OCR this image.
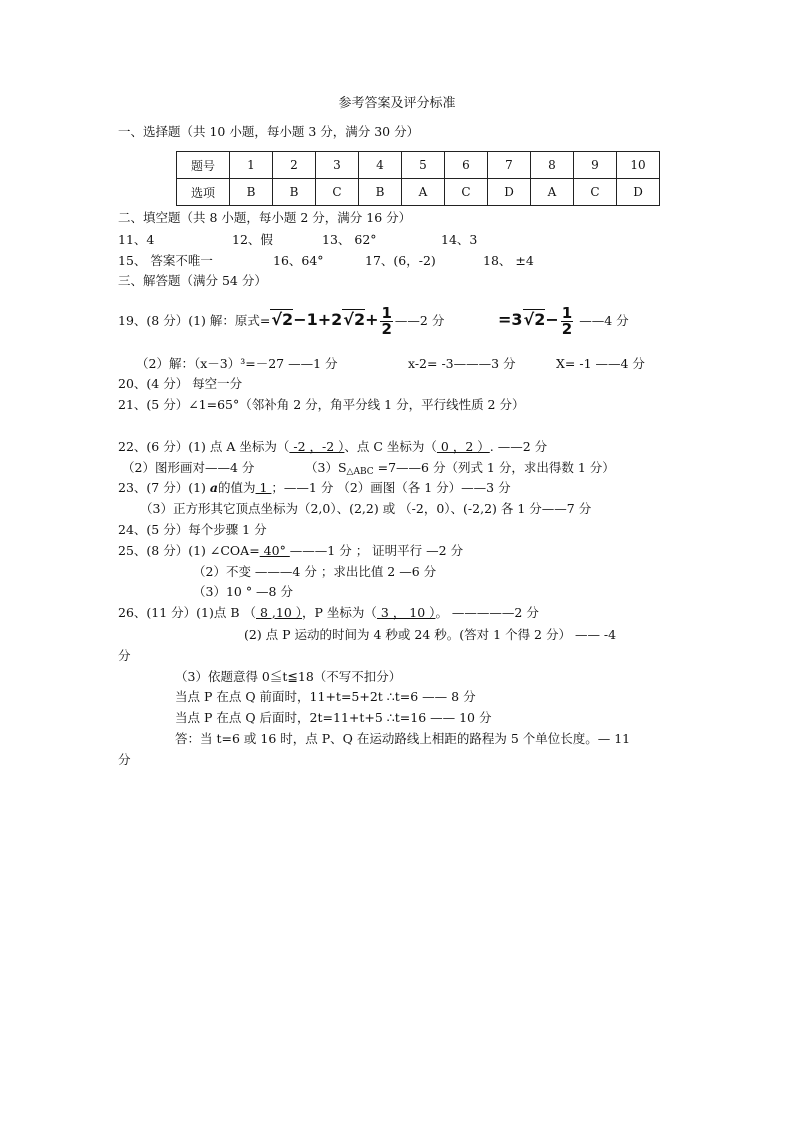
参考答案及评分标准
一、选择题（共 10 小题，每小题 3 分，满分 30 分）
题号	1	2	3	4	5	6	7	8	9	10
选项	B	B	C	B	A	C	D	A	C	D
二、填空题（共 8 小题，每小题 2 分，满分 16 分）
11、4	12、假	13、 62°	14、3
15、 答案不唯一	16、64°	17、(6，-2)	18、 ±4
三、解答题（满分 54 分）
19、(8 分）(1) 解：原式$=√2-1+2√2+ \frac{1}{2}$ ——2 分	$=3√2- \frac{1}{2}$ ——4 分
（2）解：（x－3）³=－27 ——1 分	x-2= -3———3 分	X= -1 ——4 分
20、(4 分） 每空一分
21、(5 分）∠1=65°（邻补角 2 分，角平分线 1 分，平行线性质 2 分）
22、(6 分）(1) 点 A 坐标为（ -2 ，-2 ）、点 C 坐标为（ 0 ，2 ）. ——2 分
（2）图形画对——4 分	$(3)S_{\triangle ABC}$ =7——6 分（列式 1 分，求出得数 1 分）
23、(7 分）(1) a的值为 1 ；——1 分 （2）画图（各 1 分）——3 分
（3）正方形其它顶点坐标为（2,0）、(2,2) 或 （-2，0）、(-2,2) 各 1 分——7 分
24、(5 分）每个步骤 1 分
25、(8 分）(1) ∠COA= 40° ———1 分 ； 证明平行 —2 分
（2）不变 ———4 分 ；求出比值 2 —6 分
（3）10 ° —8 分
26、(11 分）(1)点 B （ 8 ,10 ），P 坐标为（ 3 ， 10 ）。 —————2 分
(2) 点 P 运动的时间为 4 秒或 24 秒。(答对 1 个得 2 分） —— -4
分
（3）依题意得 0≦t≦18（不写不扣分）
当点 P 在点 Q 前面时，11+t=5+2t ∴t=6 —— 8 分
当点 P 在点 Q 后面时，2t=11+t+5 ∴t=16 —— 10 分
答：当 t=6 或 16 时，点 P、Q 在运动路线上相距的路程为 5 个单位长度。— 11
分
